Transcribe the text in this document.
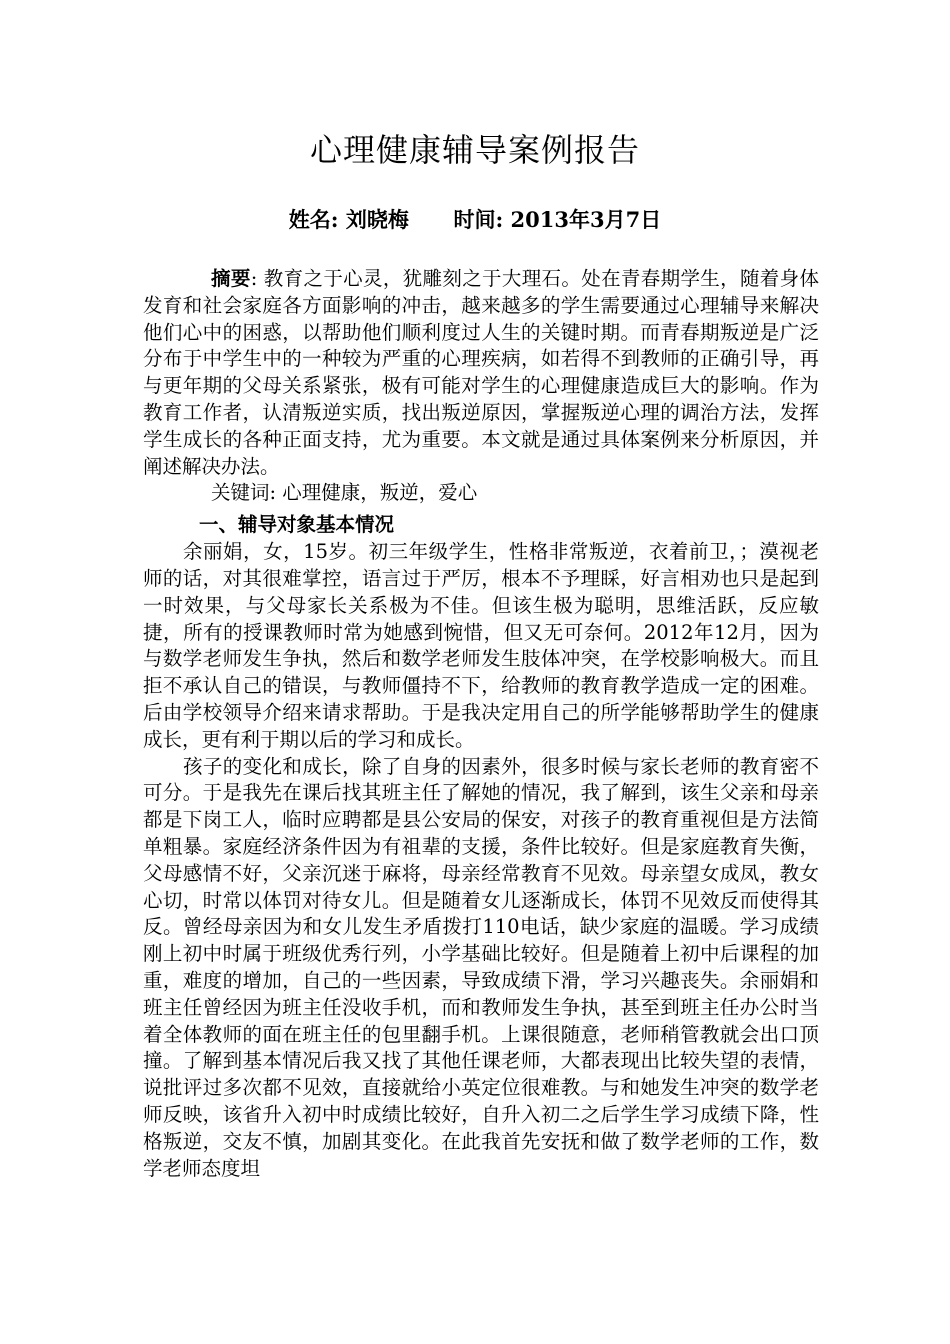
心理健康辅导案例报告
姓名: 刘晓梅 时间: 2013年3月7日

摘要: 教育之于心灵，犹雕刻之于大理石。处在青春期学生，随着身体发育和社会家庭各方面影响的冲击，越来越多的学生需要通过心理辅导来解决他们心中的困惑，以帮助他们顺利度过人生的关键时期。而青春期叛逆是广泛分布于中学生中的一种较为严重的心理疾病，如若得不到教师的正确引导，再与更年期的父母关系紧张，极有可能对学生的心理健康造成巨大的影响。作为教育工作者，认清叛逆实质，找出叛逆原因，掌握叛逆心理的调治方法，发挥学生成长的各种正面支持，尤为重要。本文就是通过具体案例来分析原因，并阐述解决办法。

关键词: 心理健康，叛逆，爱心

一、辅导对象基本情况

余丽娟，女，15岁。初三年级学生，性格非常叛逆，衣着前卫，；漠视老师的话，对其很难掌控，语言过于严厉，根本不予理睬，好言相劝也只是起到一时效果，与父母家长关系极为不佳。但该生极为聪明，思维活跃，反应敏捷，所有的授课教师时常为她感到惋惜，但又无可奈何。2012年12月，因为与数学老师发生争执，然后和数学老师发生肢体冲突，在学校影响极大。而且拒不承认自己的错误，与教师僵持不下，给教师的教育教学造成一定的困难。后由学校领导介绍来请求帮助。于是我决定用自己的所学能够帮助学生的健康成长，更有利于期以后的学习和成长。

孩子的变化和成长，除了自身的因素外，很多时候与家长老师的教育密不可分。于是我先在课后找其班主任了解她的情况，我了解到，该生父亲和母亲都是下岗工人，临时应聘都是县公安局的保安，对孩子的教育重视但是方法简单粗暴。家庭经济条件因为有祖辈的支援，条件比较好。但是家庭教育失衡，父母感情不好，父亲沉迷于麻将，母亲经常教育不见效。母亲望女成凤，教女心切，时常以体罚对待女儿。但是随着女儿逐渐成长，体罚不见效反而使得其反。曾经母亲因为和女儿发生矛盾拨打110电话，缺少家庭的温暖。学习成绩刚上初中时属于班级优秀行列，小学基础比较好。但是随着上初中后课程的加重，难度的增加，自己的一些因素，导致成绩下滑，学习兴趣丧失。余丽娟和班主任曾经因为班主任没收手机，而和教师发生争执，甚至到班主任办公时当着全体教师的面在班主任的包里翻手机。上课很随意，老师稍管教就会出口顶撞。了解到基本情况后我又找了其他任课老师，大都表现出比较失望的表情，说批评过多次都不见效，直接就给小英定位很难教。与和她发生冲突的数学老师反映，该省升入初中时成绩比较好，自升入初二之后学生学习成绩下降，性格叛逆，交友不慎，加剧其变化。在此我首先安抚和做了数学老师的工作，数学老师态度坦
